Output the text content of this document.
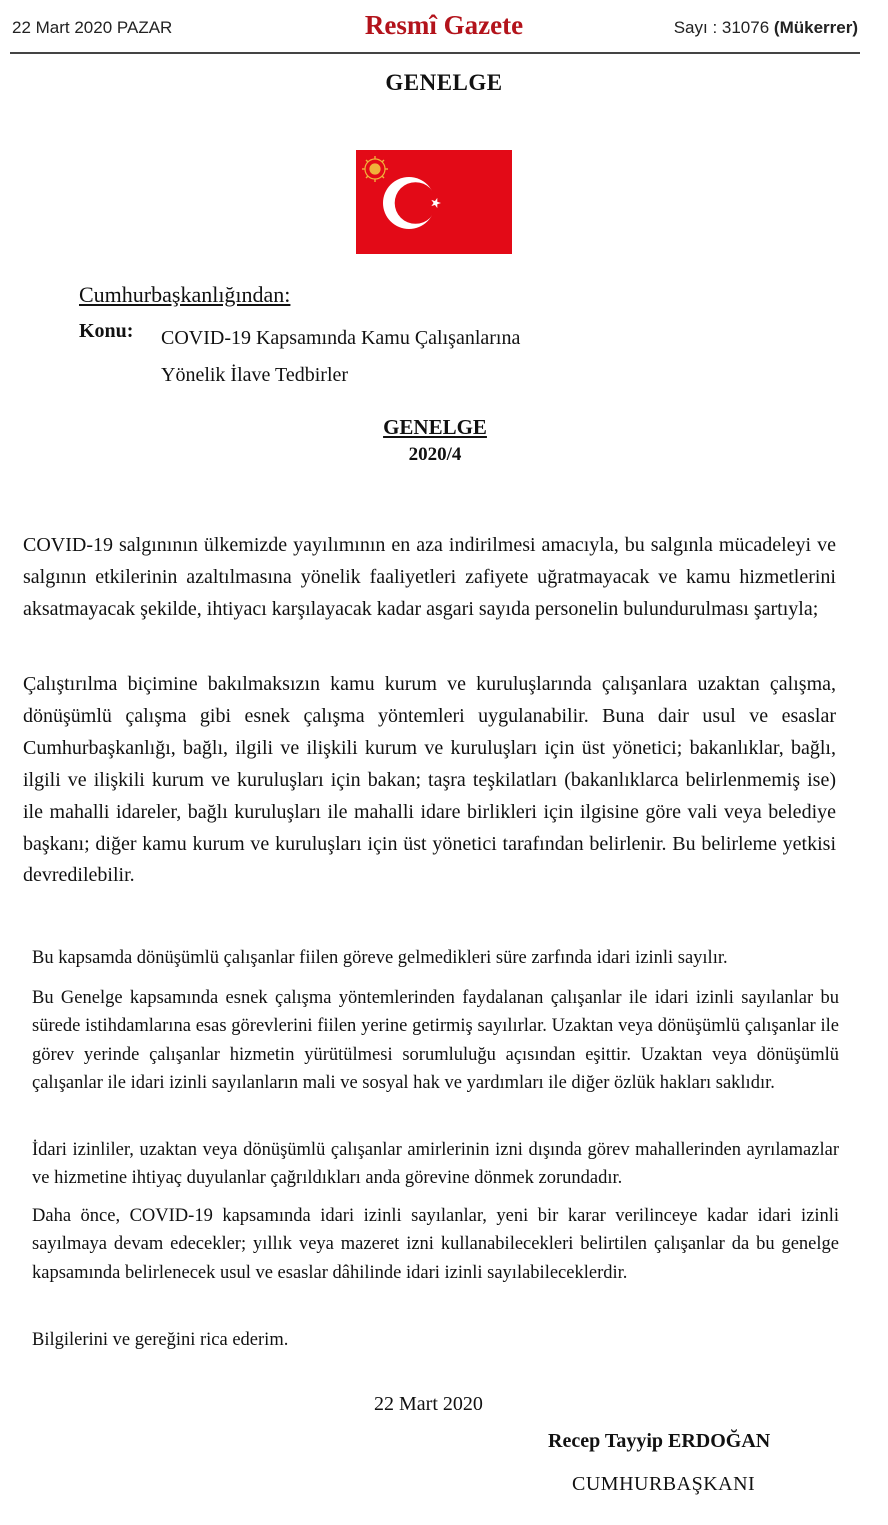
22 Mart 2020 PAZAR	Resmî Gazete	Sayı : 31076 (Mükerrer)
GENELGE
Cumhurbaşkanlığından:
Konu: COVID-19 Kapsamında Kamu Çalışanlarına
Yönelik İlave Tedbirler
GENELGE
2020/4

COVID-19 salgınının ülkemizde yayılımının en aza indirilmesi amacıyla, bu salgınla mücadeleyi ve salgının etkilerinin azaltılmasına yönelik faaliyetleri zafiyete uğratmayacak ve kamu hizmetlerini aksatmayacak şekilde, ihtiyacı karşılayacak kadar asgari sayıda personelin bulundurulması şartıyla;

Çalıştırılma biçimine bakılmaksızın kamu kurum ve kuruluşlarında çalışanlara uzaktan çalışma, dönüşümlü çalışma gibi esnek çalışma yöntemleri uygulanabilir. Buna dair usul ve esaslar Cumhurbaşkanlığı, bağlı, ilgili ve ilişkili kurum ve kuruluşları için üst yönetici; bakanlıklar, bağlı, ilgili ve ilişkili kurum ve kuruluşları için bakan; taşra teşkilatları (bakanlıklarca belirlenmemiş ise) ile mahalli idareler, bağlı kuruluşları ile mahalli idare birlikleri için ilgisine göre vali veya belediye başkanı; diğer kamu kurum ve kuruluşları için üst yönetici tarafından belirlenir. Bu belirleme yetkisi devredilebilir.

Bu kapsamda dönüşümlü çalışanlar fiilen göreve gelmedikleri süre zarfında idari izinli sayılır.

Bu Genelge kapsamında esnek çalışma yöntemlerinden faydalanan çalışanlar ile idari izinli sayılanlar bu sürede istihdamlarına esas görevlerini fiilen yerine getirmiş sayılırlar. Uzaktan veya dönüşümlü çalışanlar ile görev yerinde çalışanlar hizmetin yürütülmesi sorumluluğu açısından eşittir. Uzaktan veya dönüşümlü çalışanlar ile idari izinli sayılanların mali ve sosyal hak ve yardımları ile diğer özlük hakları saklıdır.

İdari izinliler, uzaktan veya dönüşümlü çalışanlar amirlerinin izni dışında görev mahallerinden ayrılamazlar ve hizmetine ihtiyaç duyulanlar çağrıldıkları anda görevine dönmek zorundadır.

Daha önce, COVID-19 kapsamında idari izinli sayılanlar, yeni bir karar verilinceye kadar idari izinli sayılmaya devam edecekler; yıllık veya mazeret izni kullanabilecekleri belirtilen çalışanlar da bu genelge kapsamında belirlenecek usul ve esaslar dâhilinde idari izinli sayılabileceklerdir.

Bilgilerini ve gereğini rica ederim.

22 Mart 2020
Recep Tayyip ERDOĞAN
CUMHURBAŞKANI
